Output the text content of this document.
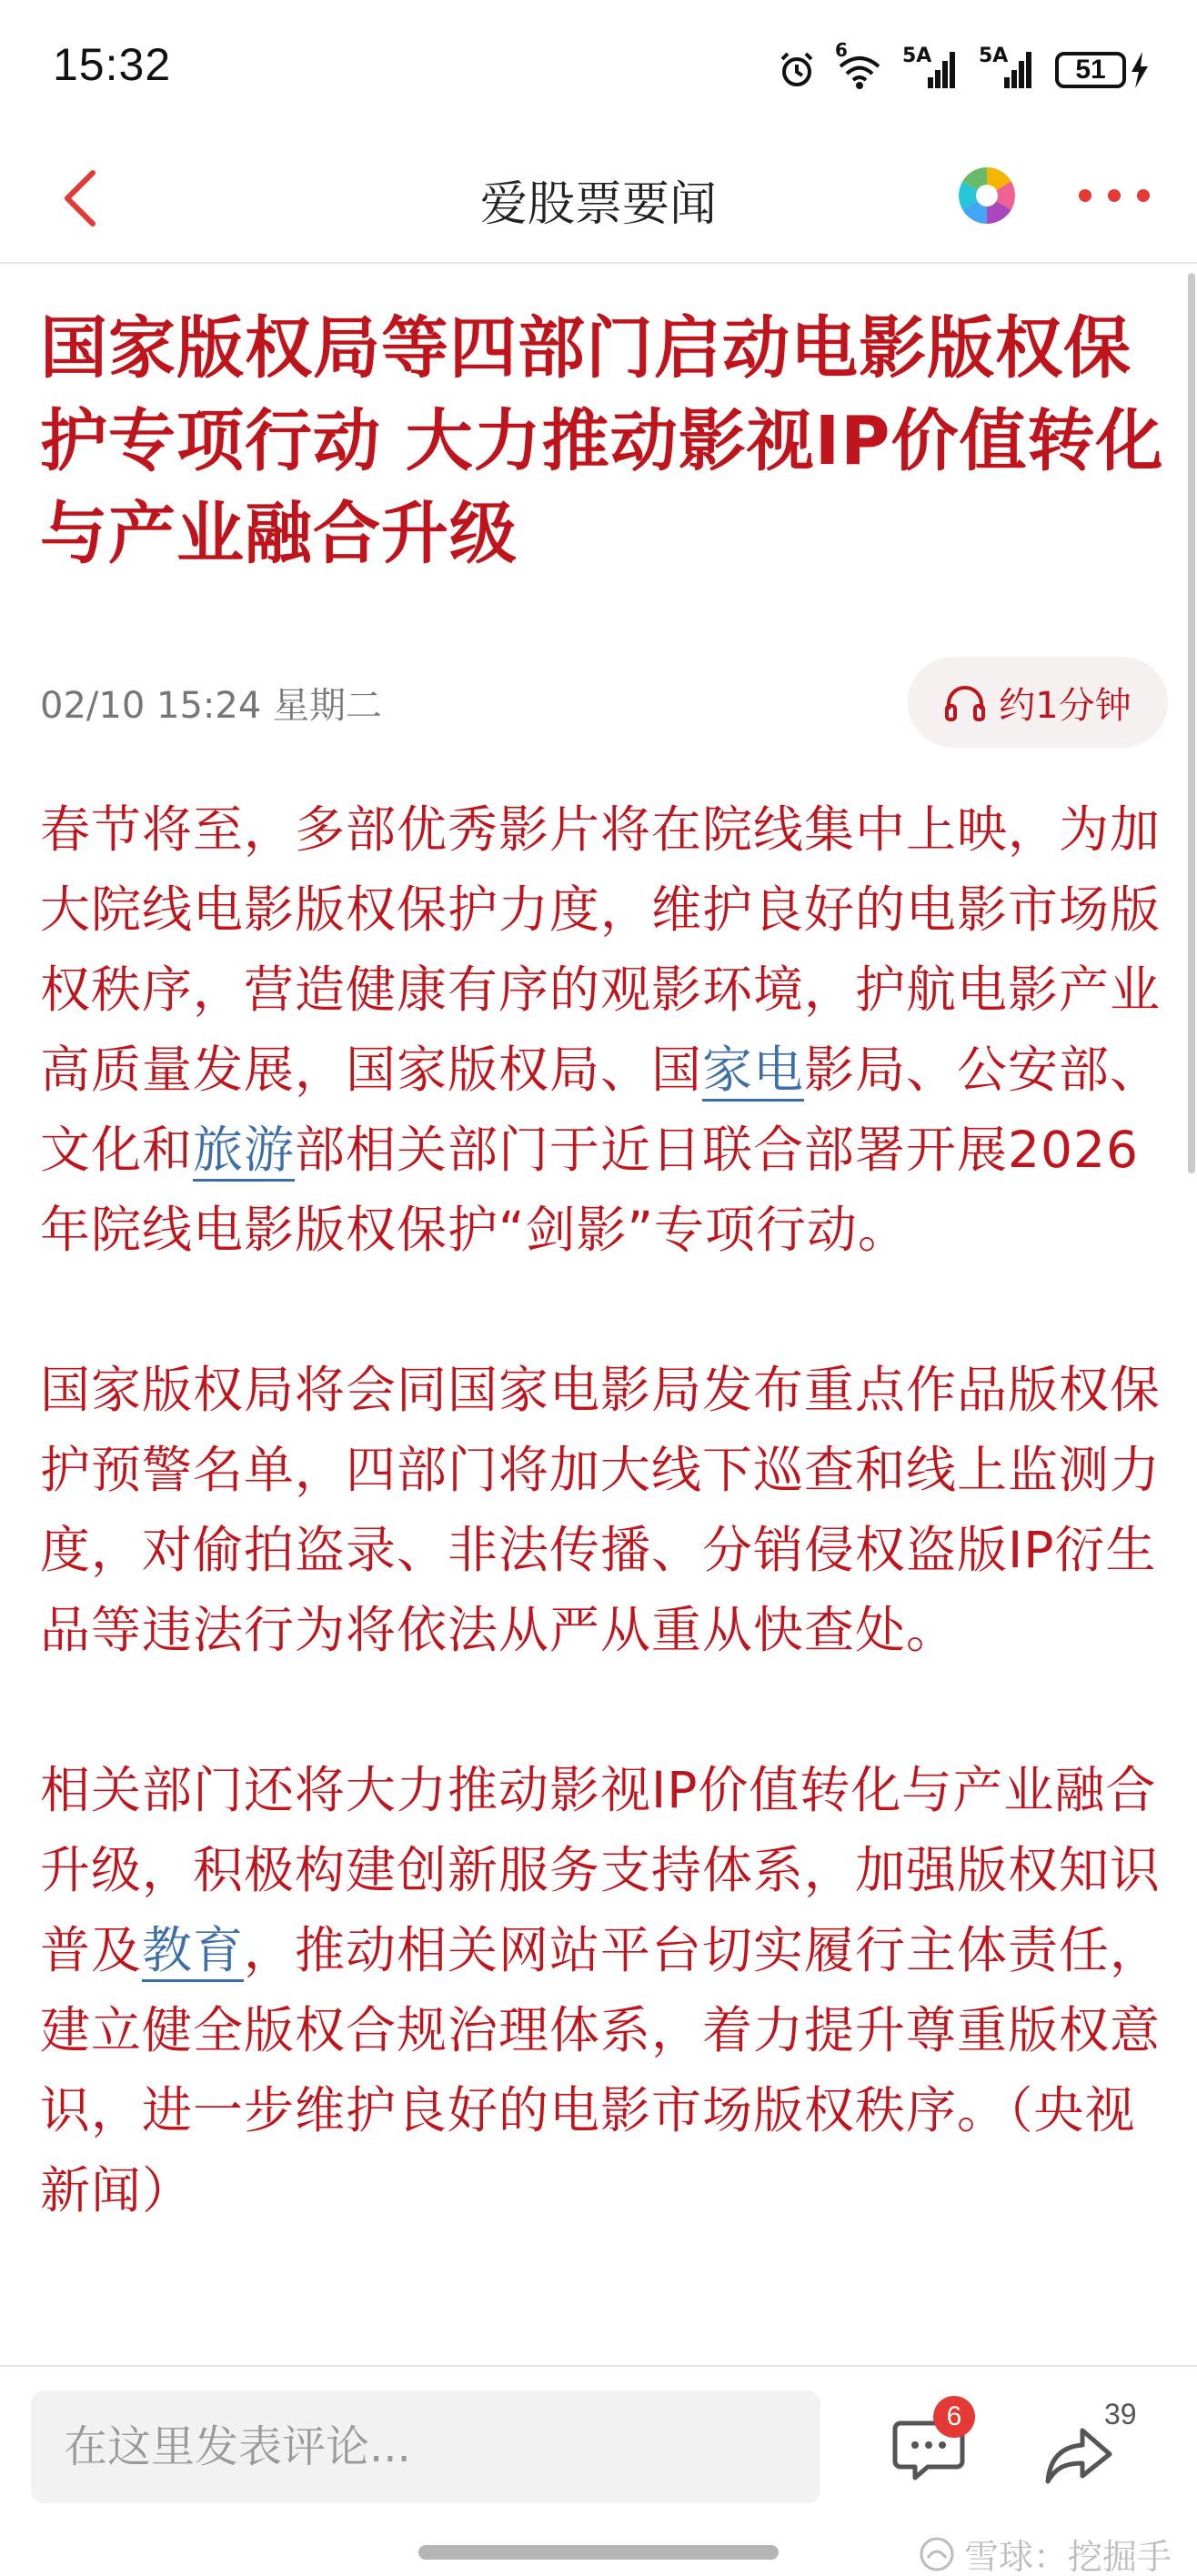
15:32	6	5A 5A	51
爱股票要闻
国家版权局等四部门启动电影版权保护专项行动 大力推动影视IP价值转化与产业融合升级
02/10 15:24 星期二	约1分钟
春节将至，多部优秀影片将在院线集中上映，为加大院线电影版权保护力度，维护良好的电影市场版权秩序，营造健康有序的观影环境，护航电影产业高质量发展，国家版权局、国家电影局、公安部、文化和旅游部相关部门于近日联合部署开展2026年院线电影版权保护“剑影”专项行动。
国家版权局将会同国家电影局发布重点作品版权保护预警名单，四部门将加大线下巡查和线上监测力度，对偷拍盗录、非法传播、分销侵权盗版IP衍生品等违法行为将依法从严从重从快查处。
相关部门还将大力推动影视IP价值转化与产业融合升级，积极构建创新服务支持体系，加强版权知识普及教育，推动相关网站平台切实履行主体责任，建立健全版权合规治理体系，着力提升尊重版权意识，进一步维护良好的电影市场版权秩序。（央视新闻）
在这里发表评论...
6	39
雪球：挖掘手
